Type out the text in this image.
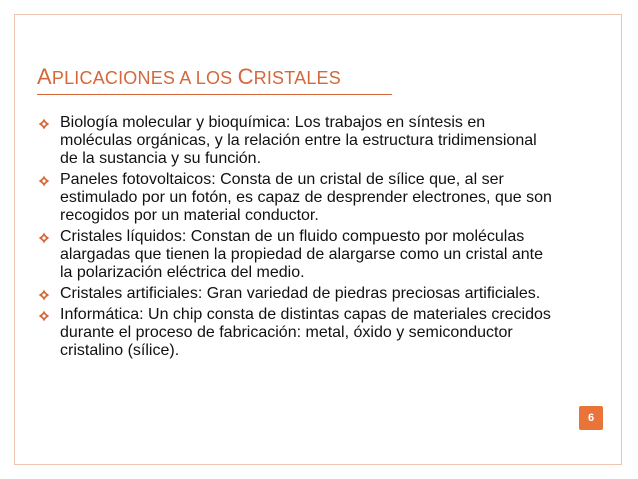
APLICACIONES A LOS CRISTALES
Biología molecular y bioquímica: Los trabajos en síntesis en moléculas orgánicas, y la relación entre la estructura tridimensional de la sustancia y su función.
Paneles fotovoltaicos: Consta de un cristal de sílice que, al ser estimulado por un fotón, es capaz de desprender electrones, que son recogidos por un material conductor.
Cristales líquidos: Constan de un fluido compuesto por moléculas alargadas que tienen la propiedad de alargarse como un cristal ante la polarización eléctrica del medio.
Cristales artificiales: Gran variedad de piedras preciosas artificiales.
Informática: Un chip consta de distintas capas de materiales crecidos durante el proceso de fabricación: metal, óxido y semiconductor cristalino (sílice).
6
